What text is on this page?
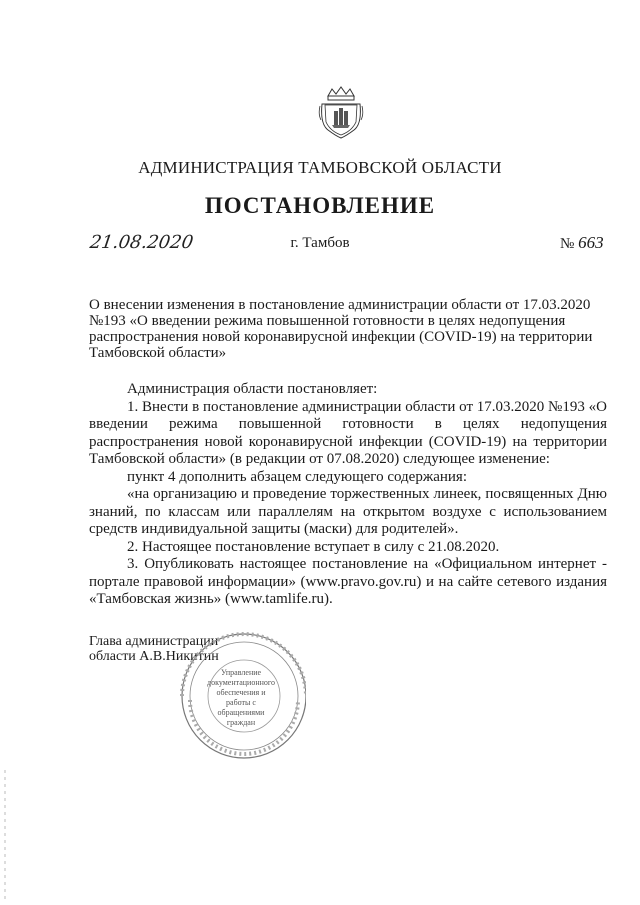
АДМИНИСТРАЦИЯ ТАМБОВСКОЙ ОБЛАСТИ
ПОСТАНОВЛЕНИЕ
21.08.2020	г. Тамбов	№ 663
О внесении изменения в постановление администрации области от 17.03.2020 №193 «О введении режима повышенной готовности в целях недопущения распространения новой коронавирусной инфекции (COVID-19) на территории Тамбовской области»

Администрация области постановляет:

1. Внести в постановление администрации области от 17.03.2020 №193 «О введении режима повышенной готовности в целях недопущения распространения новой коронавирусной инфекции (COVID-19) на территории Тамбовской области» (в редакции от 07.08.2020) следующее изменение:

пункт 4 дополнить абзацем следующего содержания:

«на организацию и проведение торжественных линеек, посвященных Дню знаний, по классам или параллелям на открытом воздухе с использованием средств индивидуальной защиты (маски) для родителей».

2. Настоящее постановление вступает в силу с 21.08.2020.

3. Опубликовать настоящее постановление на «Официальном интернет - портале правовой информации» (www.pravo.gov.ru) и на сайте сетевого издания «Тамбовская жизнь» (www.tamlife.ru).

Глава администрации
области А.В.Никитин
Управление документационного обеспечения и работы с обращениями граждан
